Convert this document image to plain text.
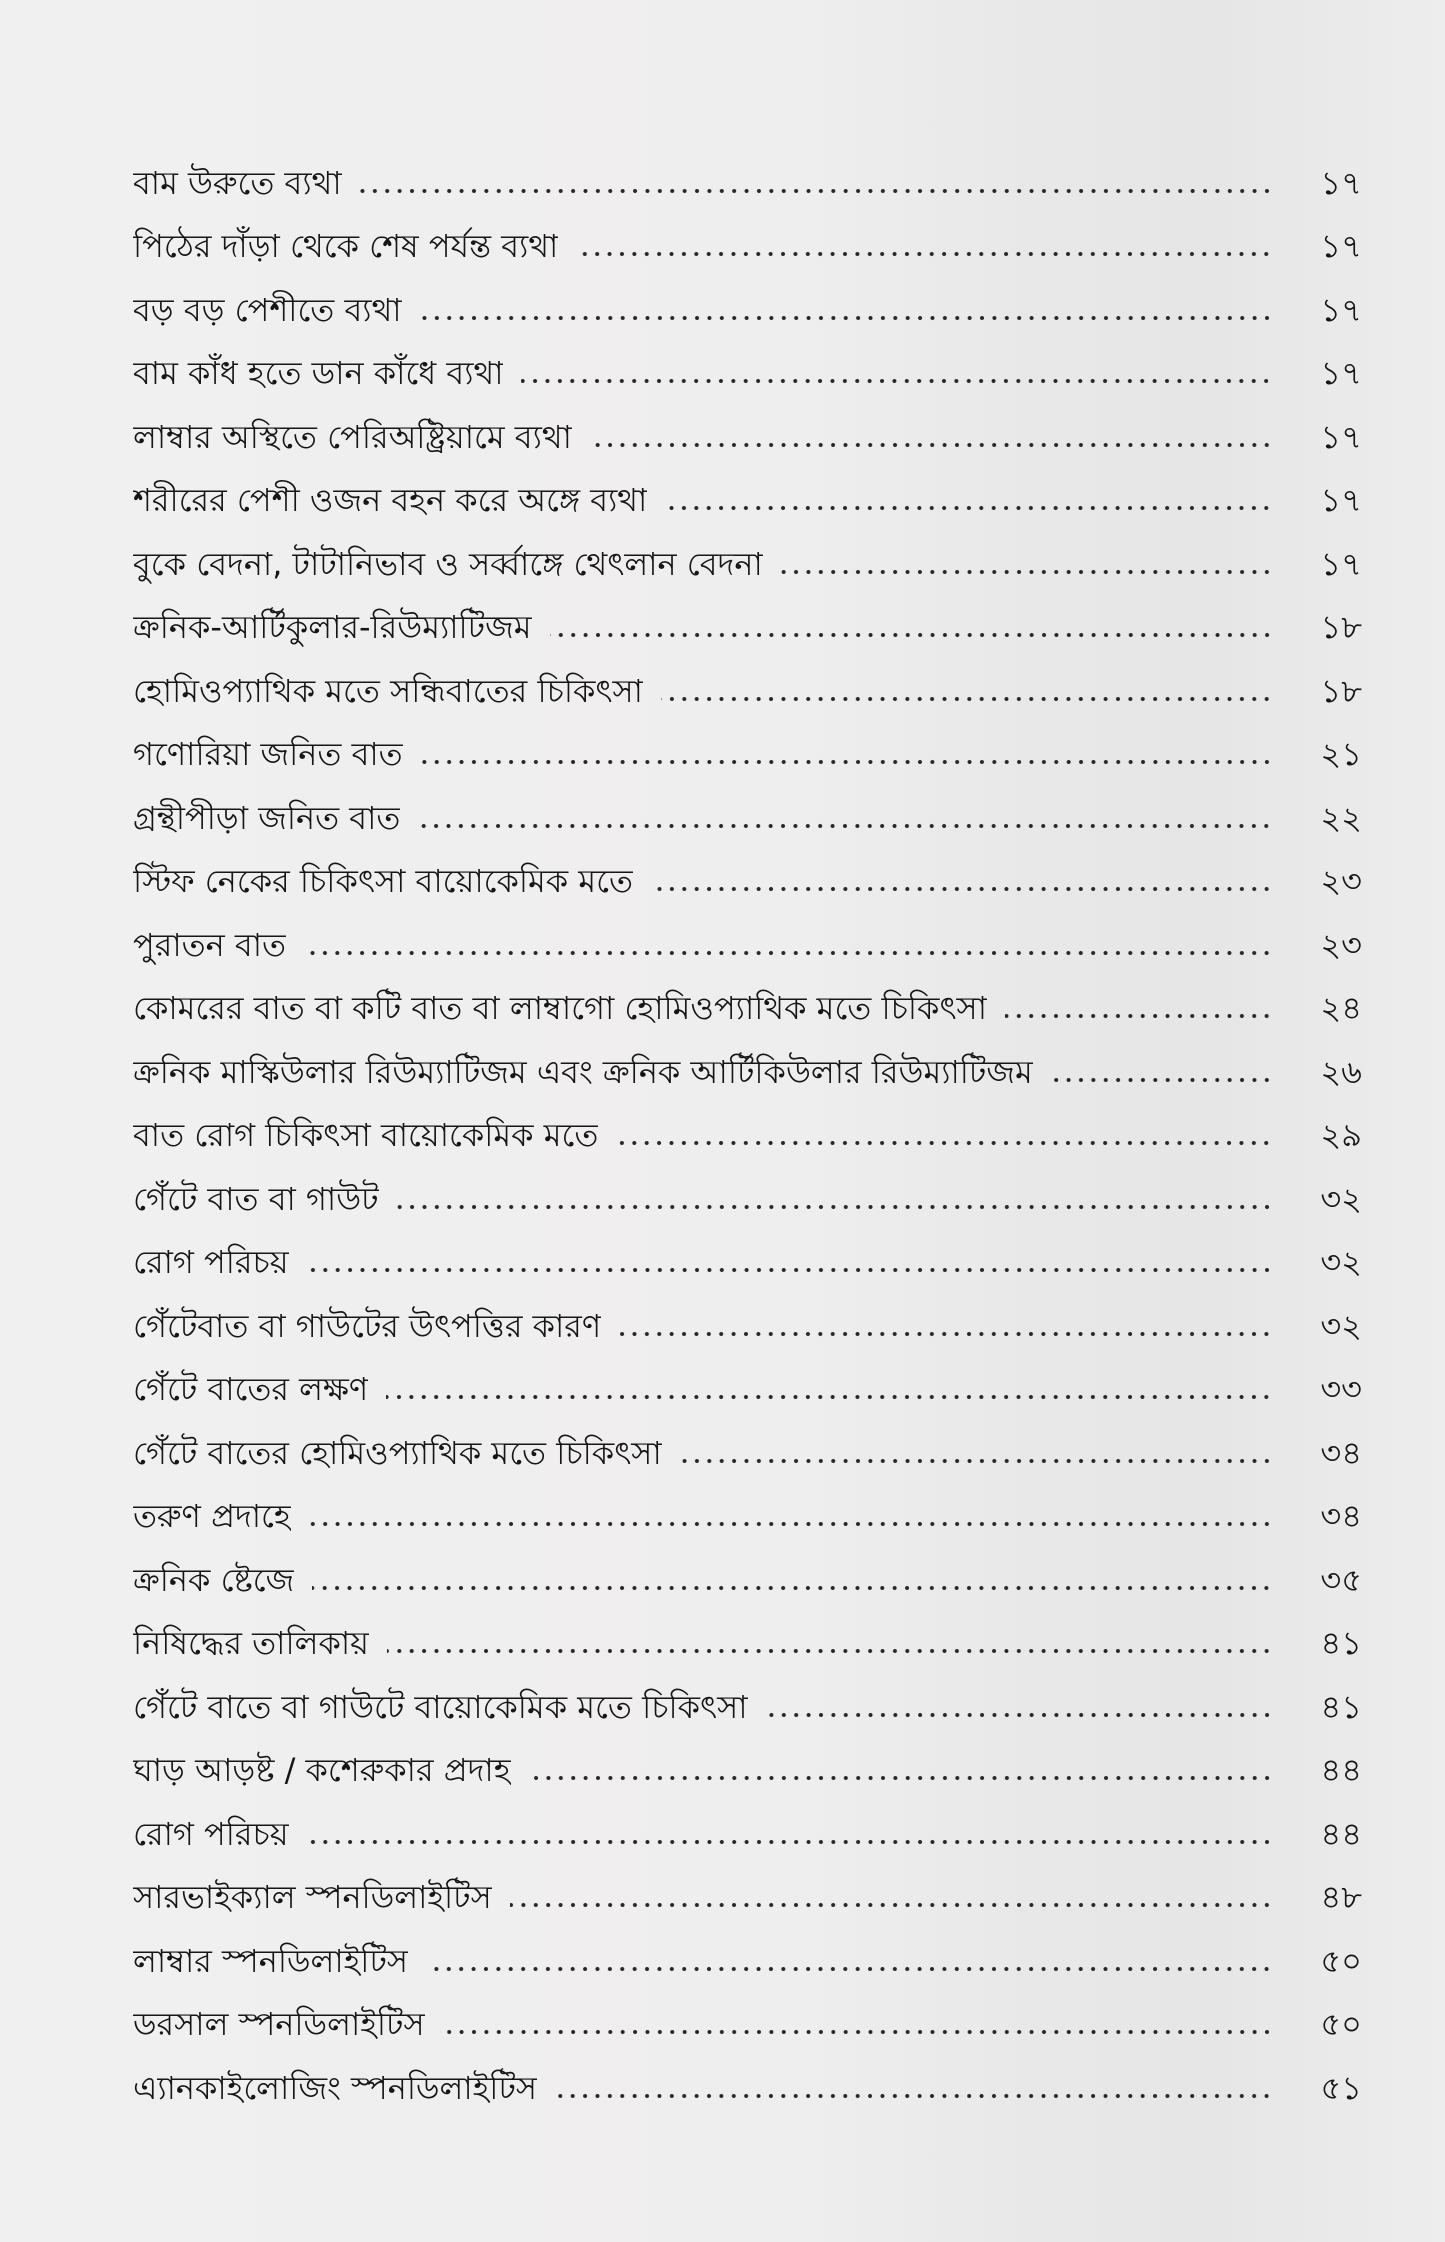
বাম উরুতে ব্যথা	১৭
পিঠের দাঁড়া থেকে শেষ পর্যন্ত ব্যথা	১৭
বড় বড় পেশীতে ব্যথা	১৭
বাম কাঁধ হতে ডান কাঁধে ব্যথা	১৭
লাম্বার অস্থিতে পেরিঅষ্ট্রিয়ামে ব্যথা	১৭
শরীরের পেশী ওজন বহন করে অঙ্গে ব্যথা	১৭
বুকে বেদনা, টাটানিভাব ও সর্ব্বাঙ্গে থেৎলান বেদনা	১৭
ক্রনিক-আর্টিকুলার-রিউম্যাটিজম	১৮
হোমিওপ্যাথিক মতে সন্ধিবাতের চিকিৎসা	১৮
গণোরিয়া জনিত বাত	২১
গ্রন্থীপীড়া জনিত বাত	২২
স্টিফ নেকের চিকিৎসা বায়োকেমিক মতে	২৩
পুরাতন বাত	২৩
কোমরের বাত বা কটি বাত বা লাম্বাগো হোমিওপ্যাথিক মতে চিকিৎসা	২৪
ক্রনিক মাস্কিউলার রিউম্যাটিজম এবং ক্রনিক আর্টিকিউলার রিউম্যাটিজম	২৬
বাত রোগ চিকিৎসা বায়োকেমিক মতে	২৯
গেঁটে বাত বা গাউট	৩২
রোগ পরিচয়	৩২
গেঁটেবাত বা গাউটের উৎপত্তির কারণ	৩২
গেঁটে বাতের লক্ষণ	৩৩
গেঁটে বাতের হোমিওপ্যাথিক মতে চিকিৎসা	৩৪
তরুণ প্রদাহে	৩৪
ক্রনিক ষ্টেজে	৩৫
নিষিদ্ধের তালিকায়	৪১
গেঁটে বাতে বা গাউটে বায়োকেমিক মতে চিকিৎসা	৪১
ঘাড় আড়ষ্ট / কশেরুকার প্রদাহ	৪৪
রোগ পরিচয়	৪৪
সারভাইক্যাল স্পনডিলাইটিস	৪৮
লাম্বার স্পনডিলাইটিস	৫০
ডরসাল স্পনডিলাইটিস	৫০
এ্যানকাইলোজিং স্পনডিলাইটিস	৫১
